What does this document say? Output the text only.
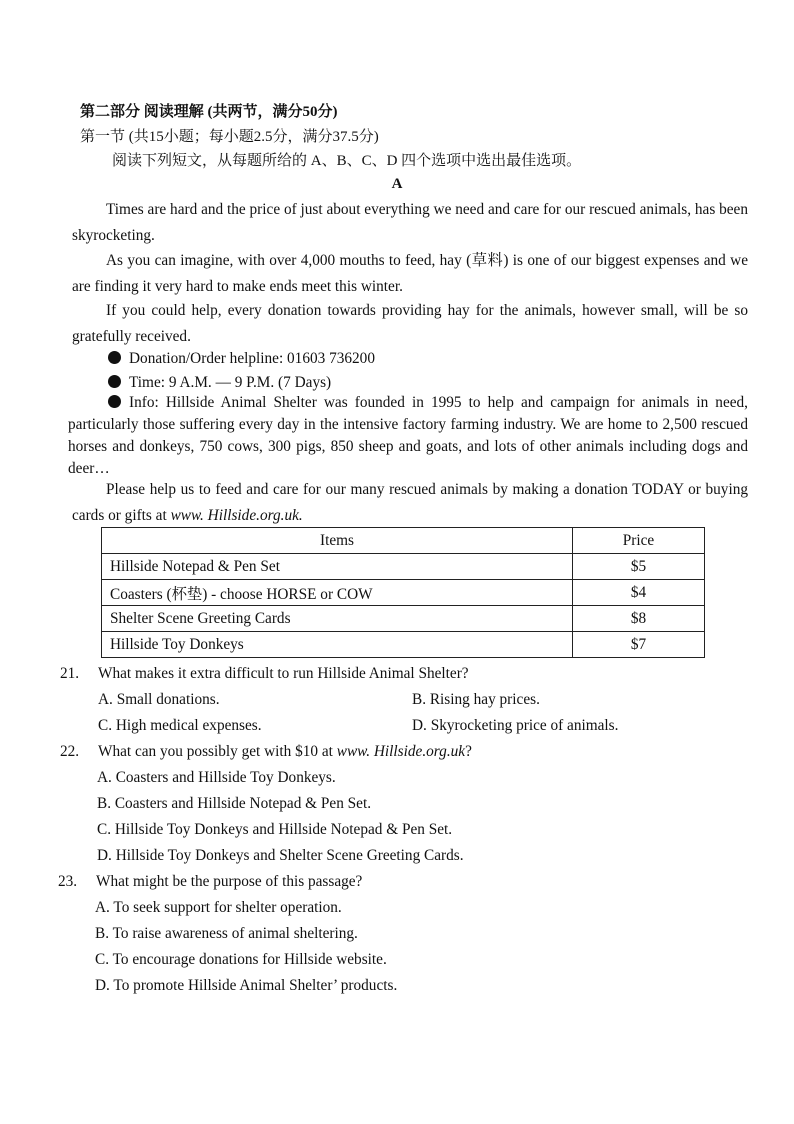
第二部分 阅读理解 (共两节，满分50分)
第一节 (共15小题；每小题2.5分，满分37.5分)
阅读下列短文，从每题所给的 A、B、C、D 四个选项中选出最佳选项。
A
Times are hard and the price of just about everything we need and care for our rescued animals, has been skyrocketing.
As you can imagine, with over 4,000 mouths to feed, hay (草料) is one of our biggest expenses and we are finding it very hard to make ends meet this winter.
If you could help, every donation towards providing hay for the animals, however small, will be so gratefully received.
Donation/Order helpline: 01603 736200
Time: 9 A.M. — 9 P.M. (7 Days)
Info: Hillside Animal Shelter was founded in 1995 to help and campaign for animals in need, particularly those suffering every day in the intensive factory farming industry. We are home to 2,500 rescued horses and donkeys, 750 cows, 300 pigs, 850 sheep and goats, and lots of other animals including dogs and deer…
Please help us to feed and care for our many rescued animals by making a donation TODAY or buying cards or gifts at www. Hillside.org.uk.
Items	Price
Hillside Notepad & Pen Set	$5
Coasters (杯垫) - choose HORSE or COW	$4
Shelter Scene Greeting Cards	$8
Hillside Toy Donkeys	$7
21. What makes it extra difficult to run Hillside Animal Shelter?
A. Small donations.	B. Rising hay prices.
C. High medical expenses.	D. Skyrocketing price of animals.
22. What can you possibly get with $10 at www. Hillside.org.uk?
A. Coasters and Hillside Toy Donkeys.
B. Coasters and Hillside Notepad & Pen Set.
C. Hillside Toy Donkeys and Hillside Notepad & Pen Set.
D. Hillside Toy Donkeys and Shelter Scene Greeting Cards.
23. What might be the purpose of this passage?
A. To seek support for shelter operation.
B. To raise awareness of animal sheltering.
C. To encourage donations for Hillside website.
D. To promote Hillside Animal Shelter’ products.
